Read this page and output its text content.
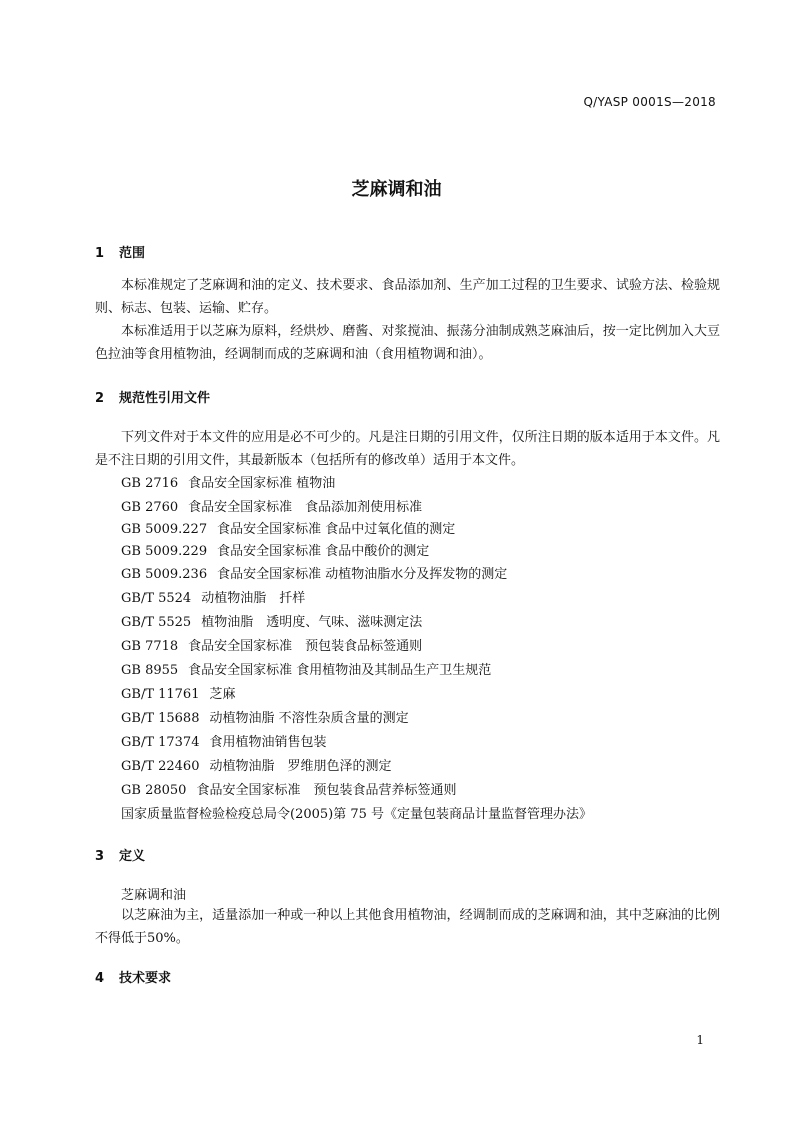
Q/YASP 0001S—2018
芝麻调和油
1 范围
本标准规定了芝麻调和油的定义、技术要求、食品添加剂、生产加工过程的卫生要求、试验方法、检验规则、标志、包装、运输、贮存。
本标准适用于以芝麻为原料，经烘炒、磨酱、对浆搅油、振荡分油制成熟芝麻油后，按一定比例加入大豆色拉油等食用植物油，经调制而成的芝麻调和油（食用植物调和油）。
2 规范性引用文件
下列文件对于本文件的应用是必不可少的。凡是注日期的引用文件，仅所注日期的版本适用于本文件。凡是不注日期的引用文件，其最新版本（包括所有的修改单）适用于本文件。
GB 2716 食品安全国家标准 植物油
GB 2760 食品安全国家标准　食品添加剂使用标准
GB 5009.227 食品安全国家标准 食品中过氧化值的测定
GB 5009.229 食品安全国家标准 食品中酸价的测定
GB 5009.236 食品安全国家标准 动植物油脂水分及挥发物的测定
GB/T 5524 动植物油脂　扦样
GB/T 5525 植物油脂　透明度、气味、滋味测定法
GB 7718 食品安全国家标准　预包装食品标签通则
GB 8955 食品安全国家标准 食用植物油及其制品生产卫生规范
GB/T 11761 芝麻
GB/T 15688 动植物油脂 不溶性杂质含量的测定
GB/T 17374 食用植物油销售包装
GB/T 22460 动植物油脂　罗维朋色泽的测定
GB 28050 食品安全国家标准　预包装食品营养标签通则
国家质量监督检验检疫总局令(2005)第 75 号《定量包装商品计量监督管理办法》
3 定义
芝麻调和油
以芝麻油为主，适量添加一种或一种以上其他食用植物油，经调制而成的芝麻调和油，其中芝麻油的比例不得低于50%。
4 技术要求
1
